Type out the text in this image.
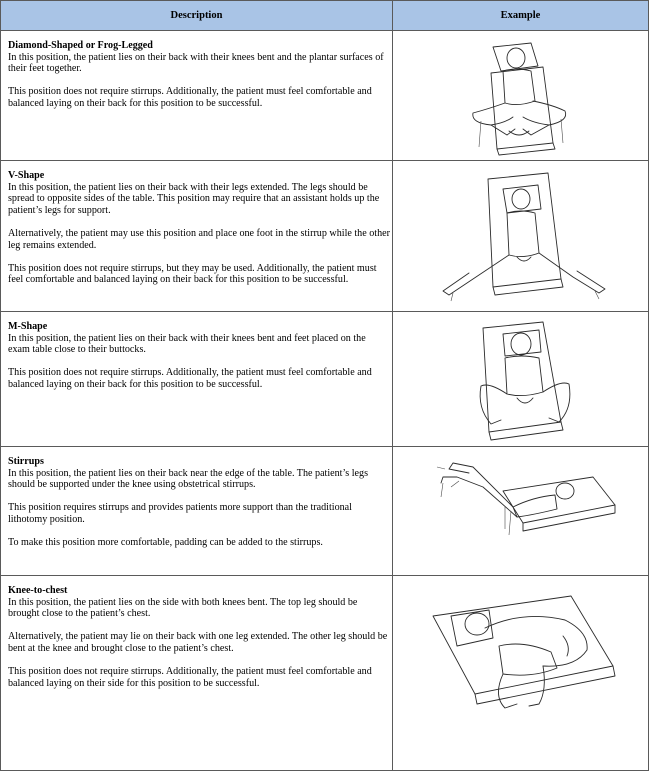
Description	Example
Diamond-Shaped or Frog-Legged

In this position, the patient lies on their back with their knees bent and the plantar surfaces of their feet together.

This position does not require stirrups. Additionally, the patient must feel comfortable and balanced laying on their back for this position to be successful.

V-Shape

In this position, the patient lies on their back with their legs extended. The legs should be spread to opposite sides of the table. This position may require that an assistant holds up the patient’s legs for support.

Alternatively, the patient may use this position and place one foot in the stirrup while the other leg remains extended.

This position does not require stirrups, but they may be used. Additionally, the patient must feel comfortable and balanced laying on their back for this position to be successful.

M-Shape

In this position, the patient lies on their back with their knees bent and feet placed on the exam table close to their buttocks.

This position does not require stirrups. Additionally, the patient must feel comfortable and balanced laying on their back for this position to be successful.

Stirrups

In this position, the patient lies on their back near the edge of the table. The patient’s legs should be supported under the knee using obstetrical stirrups.

This position requires stirrups and provides patients more support than the traditional lithotomy position.

To make this position more comfortable, padding can be added to the stirrups.

Knee-to-chest

In this position, the patient lies on the side with both knees bent. The top leg should be brought close to the patient’s chest.

Alternatively, the patient may lie on their back with one leg extended. The other leg should be bent at the knee and brought close to the patient’s chest.

This position does not require stirrups. Additionally, the patient must feel comfortable and balanced laying on their side for this position to be successful.
